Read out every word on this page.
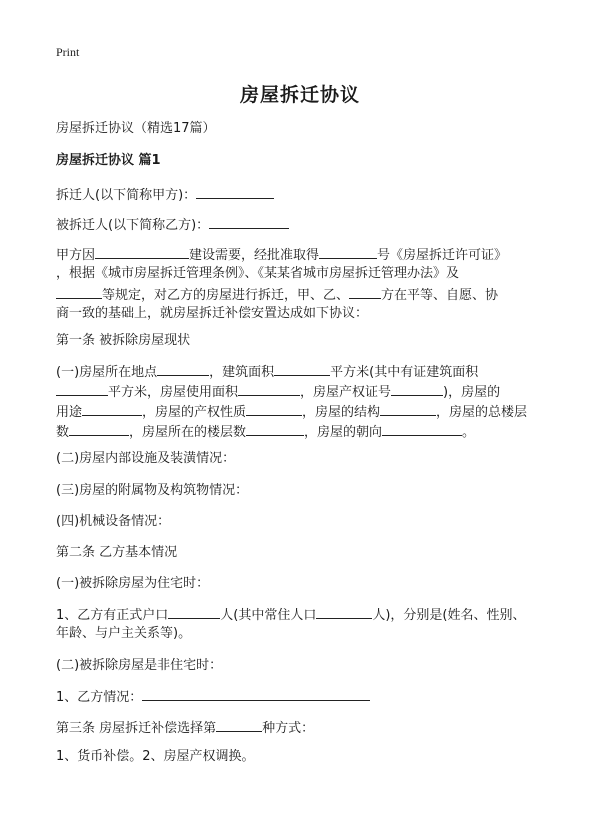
Print
房屋拆迁协议
房屋拆迁协议（精选17篇）
房屋拆迁协议 篇1
拆迁人(以下简称甲方)：
被拆迁人(以下简称乙方)：
甲方因	建设需要，经批准取得	号《房屋拆迁许可证》
，根据《城市房屋拆迁管理条例》、《某某省城市房屋拆迁管理办法》及
等规定，对乙方的房屋进行拆迁，甲、乙、 方在平等、自愿、协
商一致的基础上，就房屋拆迁补偿安置达成如下协议：
第一条 被拆除房屋现状
(一)房屋所在地点	，建筑面积	平方米(其中有证建筑面积
平方米，房屋使用面积	，房屋产权证号	)，房屋的
用途	，房屋的产权性质	，房屋的结构	，房屋的总楼层
数	，房屋所在的楼层数	，房屋的朝向	。
(二)房屋内部设施及装潢情况：
(三)房屋的附属物及构筑物情况：
(四)机械设备情况：
第二条 乙方基本情况
(一)被拆除房屋为住宅时：
1、乙方有正式户口	人(其中常住人口	人)，分别是(姓名、性别、
年龄、与户主关系等)。
(二)被拆除房屋是非住宅时：
1、乙方情况：
第三条 房屋拆迁补偿选择第	种方式：
1、货币补偿。2、房屋产权调换。
